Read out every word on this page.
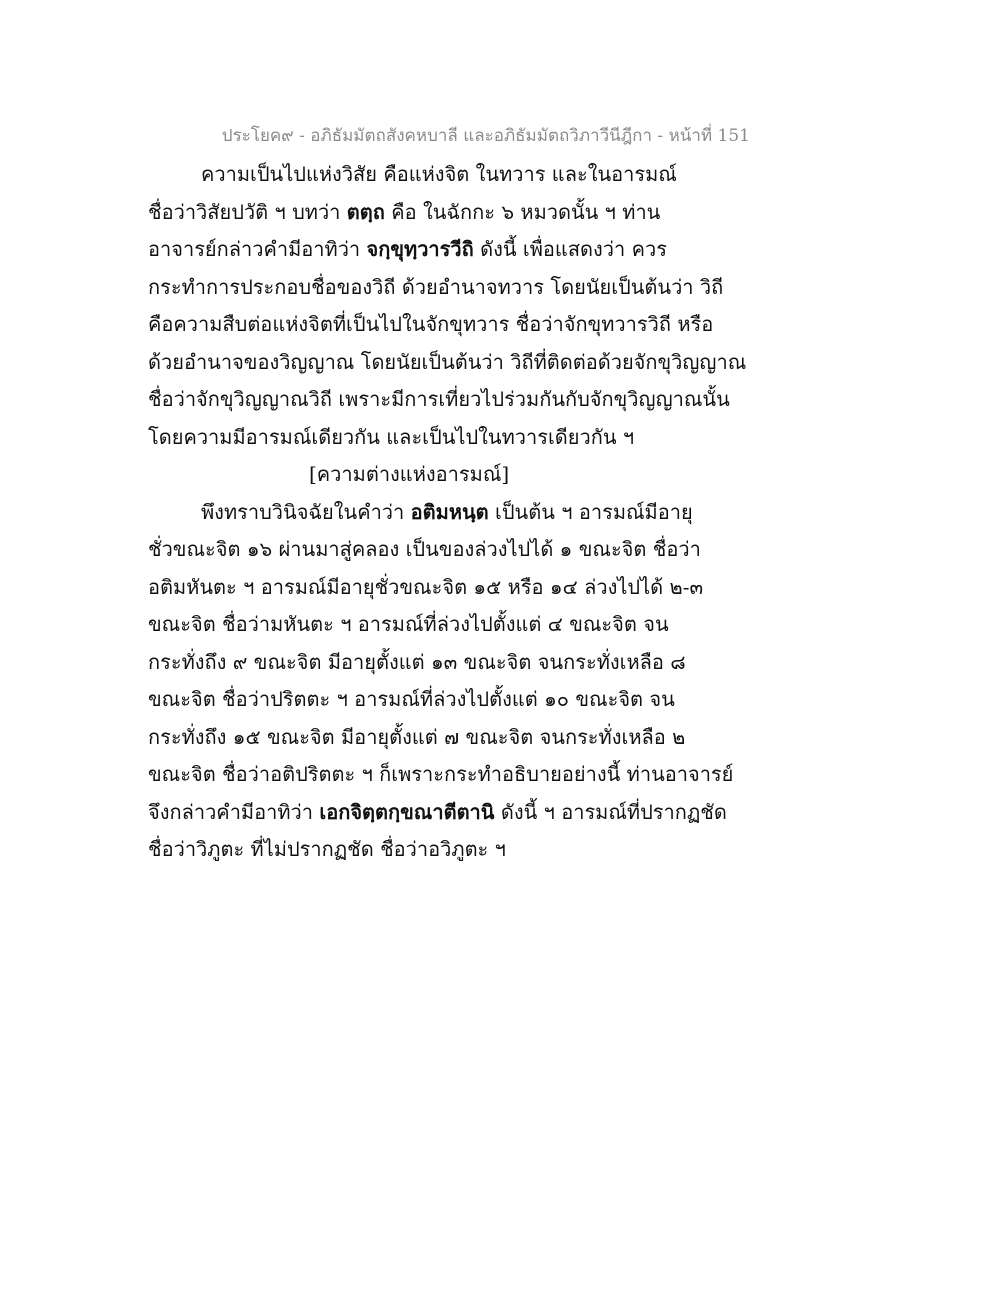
ประโยค๙ - อภิธัมมัตถสังคหบาลี และอภิธัมมัตถวิภาวีนีฎีกา - หน้าที่ 151
ความเป็นไปแห่งวิสัย คือแห่งจิต ในทวาร และในอารมณ์
ชื่อว่าวิสัยปวัติ ฯ บทว่า ตตฺถ คือ ในฉักกะ ๖ หมวดนั้น ฯ ท่าน
อาจารย์กล่าวคำมีอาทิว่า จกฺขุทฺวารวีถิ ดังนี้ เพื่อแสดงว่า ควร
กระทำการประกอบชื่อของวิถี ด้วยอำนาจทวาร โดยนัยเป็นต้นว่า วิถี
คือความสืบต่อแห่งจิตที่เป็นไปในจักขุทวาร ชื่อว่าจักขุทวารวิถี หรือ
ด้วยอำนาจของวิญญาณ โดยนัยเป็นต้นว่า วิถีที่ติดต่อด้วยจักขุวิญญาณ
ชื่อว่าจักขุวิญญาณวิถี เพราะมีการเที่ยวไปร่วมกันกับจักขุวิญญาณนั้น
โดยความมีอารมณ์เดียวกัน และเป็นไปในทวารเดียวกัน ฯ
[ความต่างแห่งอารมณ์]
พึงทราบวินิจฉัยในคำว่า อติมหนฺต เป็นต้น ฯ อารมณ์มีอายุ
ชั่วขณะจิต ๑๖ ผ่านมาสู่คลอง เป็นของล่วงไปได้ ๑ ขณะจิต ชื่อว่า
อติมหันตะ ฯ อารมณ์มีอายุชั่วขณะจิต ๑๕ หรือ ๑๔ ล่วงไปได้ ๒-๓
ขณะจิต ชื่อว่ามหันตะ ฯ อารมณ์ที่ล่วงไปตั้งแต่ ๔ ขณะจิต จน
กระทั่งถึง ๙ ขณะจิต มีอายุตั้งแต่ ๑๓ ขณะจิต จนกระทั่งเหลือ ๘
ขณะจิต ชื่อว่าปริตตะ ฯ อารมณ์ที่ล่วงไปตั้งแต่ ๑๐ ขณะจิต จน
กระทั่งถึง ๑๕ ขณะจิต มีอายุตั้งแต่ ๗ ขณะจิต จนกระทั่งเหลือ ๒
ขณะจิต ชื่อว่าอติปริตตะ ฯ ก็เพราะกระทำอธิบายอย่างนี้ ท่านอาจารย์
จึงกล่าวคำมีอาทิว่า เอกจิตฺตกฺขณาตีตานิ ดังนี้ ฯ อารมณ์ที่ปรากฏชัด
ชื่อว่าวิภูตะ ที่ไม่ปรากฏชัด ชื่อว่าอวิภูตะ ฯ
